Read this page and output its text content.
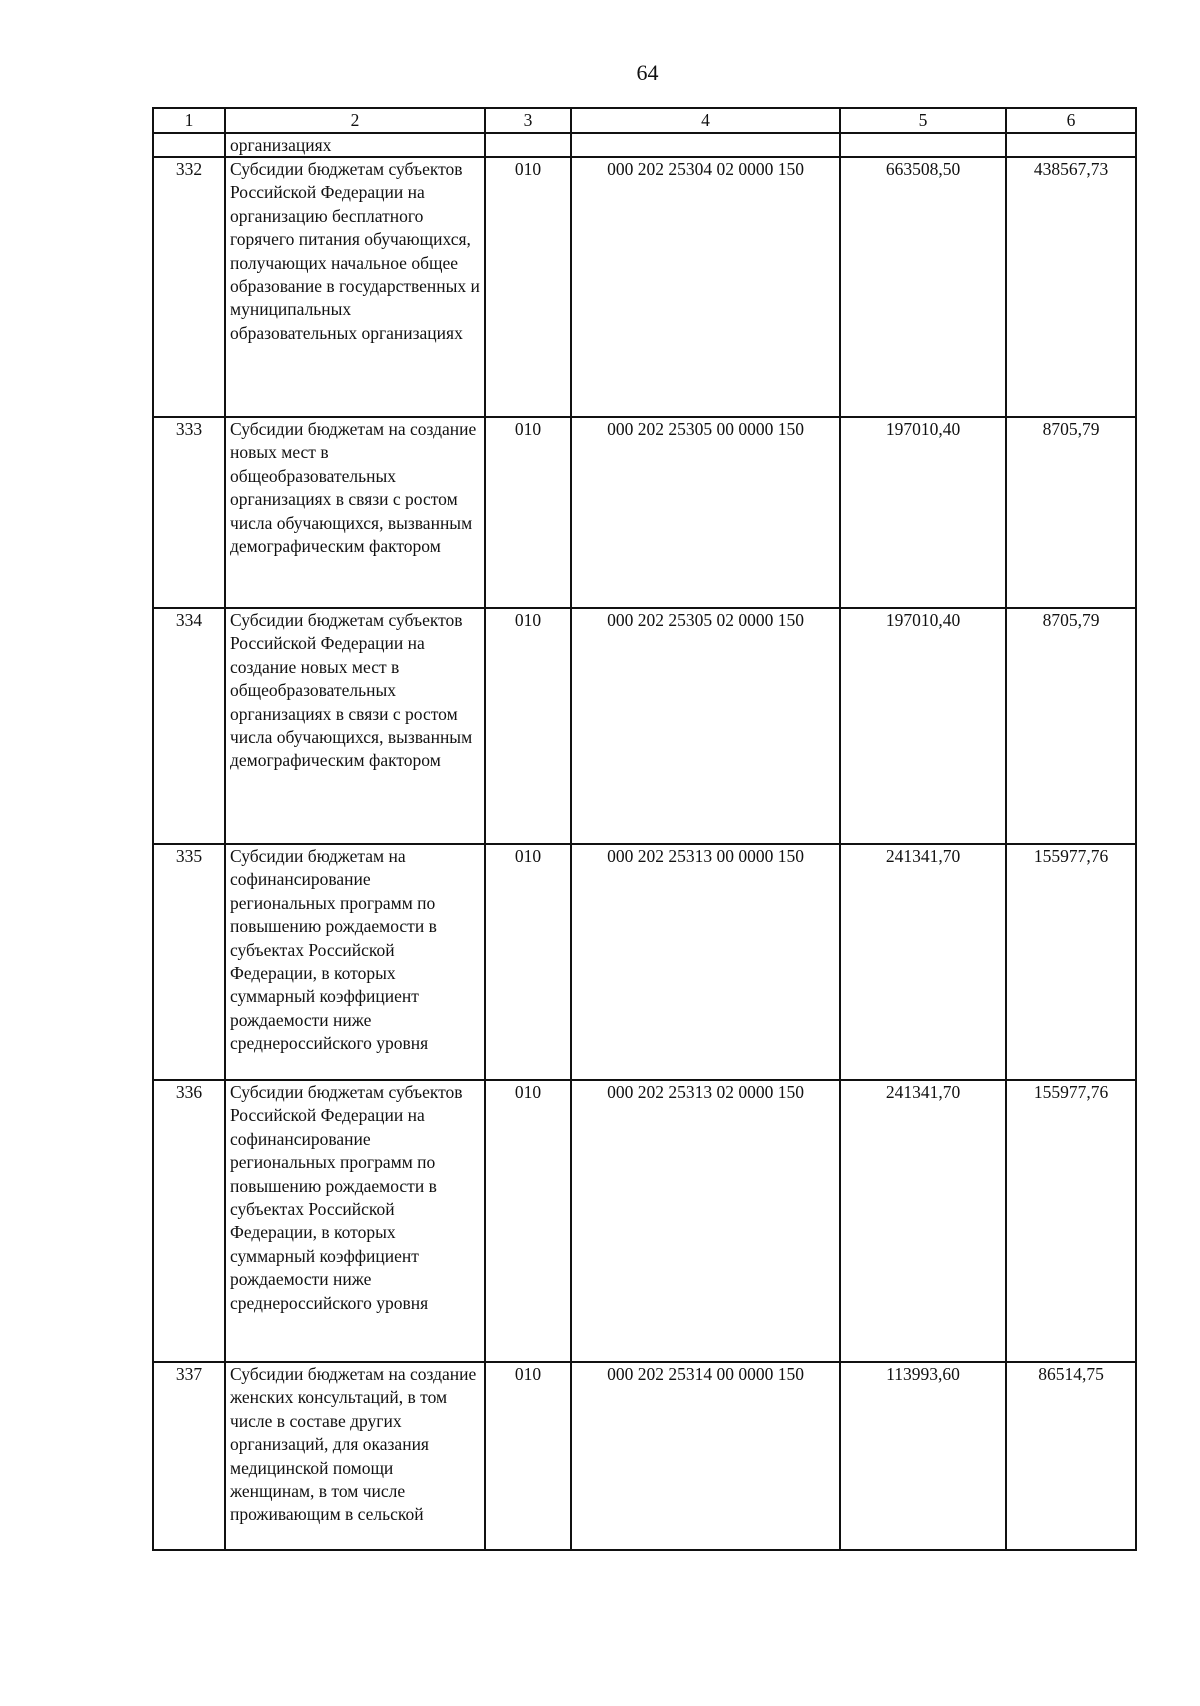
64
1	2	3	4	5	6
	организациях				
332	Субсидии бюджетам субъектов Российской Федерации на организацию бесплатного горячего питания обучающихся, получающих начальное общее образование в государственных и муниципальных образовательных организациях	010	000 202 25304 02 0000 150	663508,50	438567,73
333	Субсидии бюджетам на создание новых мест в общеобразовательных организациях в связи с ростом числа обучающихся, вызванным демографическим фактором	010	000 202 25305 00 0000 150	197010,40	8705,79
334	Субсидии бюджетам субъектов Российской Федерации на создание новых мест в общеобразовательных организациях в связи с ростом числа обучающихся, вызванным демографическим фактором	010	000 202 25305 02 0000 150	197010,40	8705,79
335	Субсидии бюджетам на софинансирование региональных программ по повышению рождаемости в субъектах Российской Федерации, в которых суммарный коэффициент рождаемости ниже среднероссийского уровня	010	000 202 25313 00 0000 150	241341,70	155977,76
336	Субсидии бюджетам субъектов Российской Федерации на софинансирование региональных программ по повышению рождаемости в субъектах Российской Федерации, в которых суммарный коэффициент рождаемости ниже среднероссийского уровня	010	000 202 25313 02 0000 150	241341,70	155977,76
337	Субсидии бюджетам на создание женских консультаций, в том числе в составе других организаций, для оказания медицинской помощи женщинам, в том числе проживающим в сельской	010	000 202 25314 00 0000 150	113993,60	86514,75
